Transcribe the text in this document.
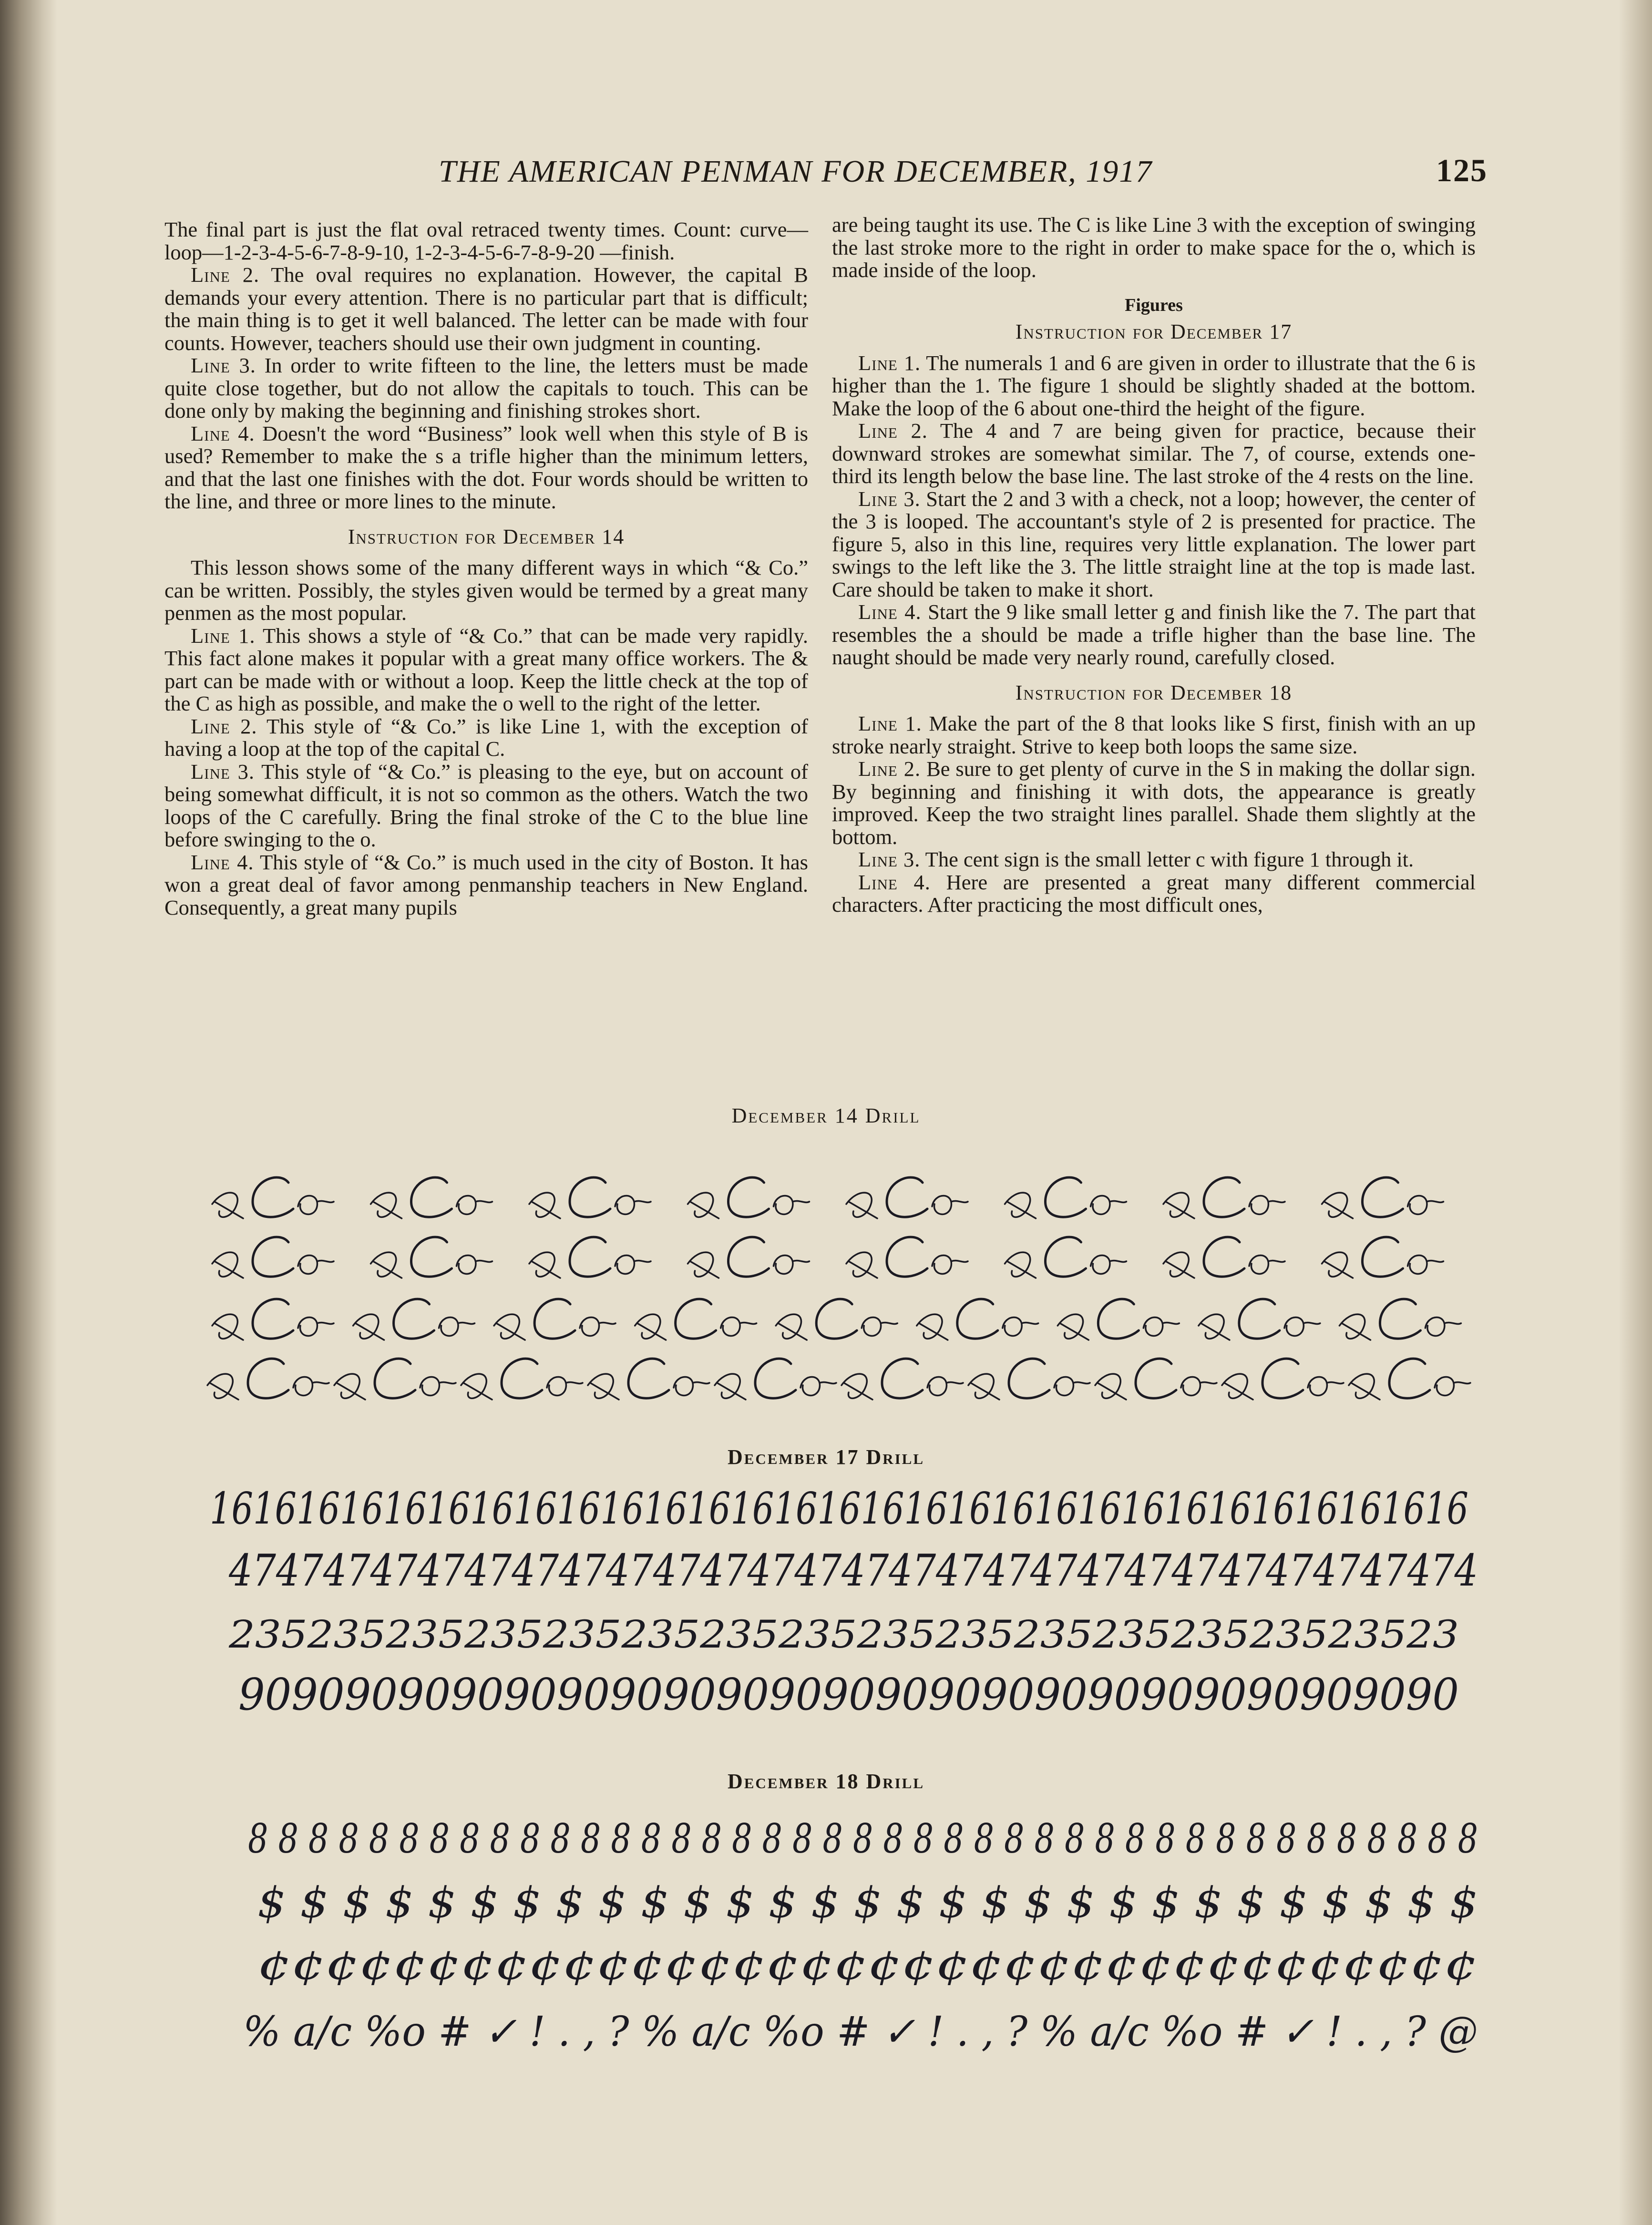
THE AMERICAN PENMAN FOR DECEMBER, 1917	125

The final part is just the flat oval retraced twenty times. Count: curve—loop—1-2-3-4-5-6-7-8-9-10, 1-2-3-4-5-6-7-8-9-20 —finish.

Line 2. The oval requires no explanation. However, the capital B demands your every attention. There is no particular part that is difficult; the main thing is to get it well balanced. The letter can be made with four counts. However, teachers should use their own judgment in counting.

Line 3. In order to write fifteen to the line, the letters must be made quite close together, but do not allow the capitals to touch. This can be done only by making the beginning and finishing strokes short.

Line 4. Doesn't the word “Business” look well when this style of B is used? Remember to make the s a trifle higher than the minimum letters, and that the last one finishes with the dot. Four words should be written to the line, and three or more lines to the minute.

Instruction for December 14

This lesson shows some of the many different ways in which “& Co.” can be written. Possibly, the styles given would be termed by a great many penmen as the most popular.

Line 1. This shows a style of “& Co.” that can be made very rapidly. This fact alone makes it popular with a great many office workers. The & part can be made with or without a loop. Keep the little check at the top of the C as high as possible, and make the o well to the right of the letter.

Line 2. This style of “& Co.” is like Line 1, with the exception of having a loop at the top of the capital C.

Line 3. This style of “& Co.” is pleasing to the eye, but on account of being somewhat difficult, it is not so common as the others. Watch the two loops of the C carefully. Bring the final stroke of the C to the blue line before swinging to the o.

Line 4. This style of “& Co.” is much used in the city of Boston. It has won a great deal of favor among penmanship teachers in New England. Consequently, a great many pupils

are being taught its use. The C is like Line 3 with the exception of swinging the last stroke more to the right in order to make space for the o, which is made inside of the loop.

Figures
Instruction for December 17

Line 1. The numerals 1 and 6 are given in order to illustrate that the 6 is higher than the 1. The figure 1 should be slightly shaded at the bottom. Make the loop of the 6 about one-third the height of the figure.

Line 2. The 4 and 7 are being given for practice, because their downward strokes are somewhat similar. The 7, of course, extends one-third its length below the base line. The last stroke of the 4 rests on the line.

Line 3. Start the 2 and 3 with a check, not a loop; however, the center of the 3 is looped. The accountant's style of 2 is presented for practice. The figure 5, also in this line, requires very little explanation. The lower part swings to the left like the 3. The little straight line at the top is made last. Care should be taken to make it short.

Line 4. Start the 9 like small letter g and finish like the 7. The part that resembles the a should be made a trifle higher than the base line. The naught should be made very nearly round, carefully closed.

Instruction for December 18

Line 1. Make the part of the 8 that looks like S first, finish with an up stroke nearly straight. Strive to keep both loops the same size.

Line 2. Be sure to get plenty of curve in the S in making the dollar sign. By beginning and finishing it with dots, the appearance is greatly improved. Keep the two straight lines parallel. Shade them slightly at the bottom.

Line 3. The cent sign is the small letter c with figure 1 through it.

Line 4. Here are presented a great many different commercial characters. After practicing the most difficult ones,

December 14 Drill
December 17 Drill
1616161616161616161616161616161616161616161616161616161616
47474747474747474747474747474747474747474747474747474
23523523523523523523523523523523523523523523523
9090909090909090909090909090909090909090909090
December 18 Drill
8 8 8 8 8 8 8 8 8 8 8 8 8 8 8 8 8 8 8 8 8 8 8 8 8 8 8 8 8 8 8 8 8 8 8 8 8 8 8 8 8
$ $ $ $ $ $ $ $ $ $ $ $ $ $ $ $ $ $ $ $ $ $ $ $ $ $ $ $ $
¢¢¢¢¢¢¢¢¢¢¢¢¢¢¢¢¢¢¢¢¢¢¢¢¢¢¢¢¢¢¢¢¢¢¢¢
% a/c %o # ✓ ! . , ? % a/c %o # ✓ ! . , ? % a/c %o # ✓ ! . , ? @
